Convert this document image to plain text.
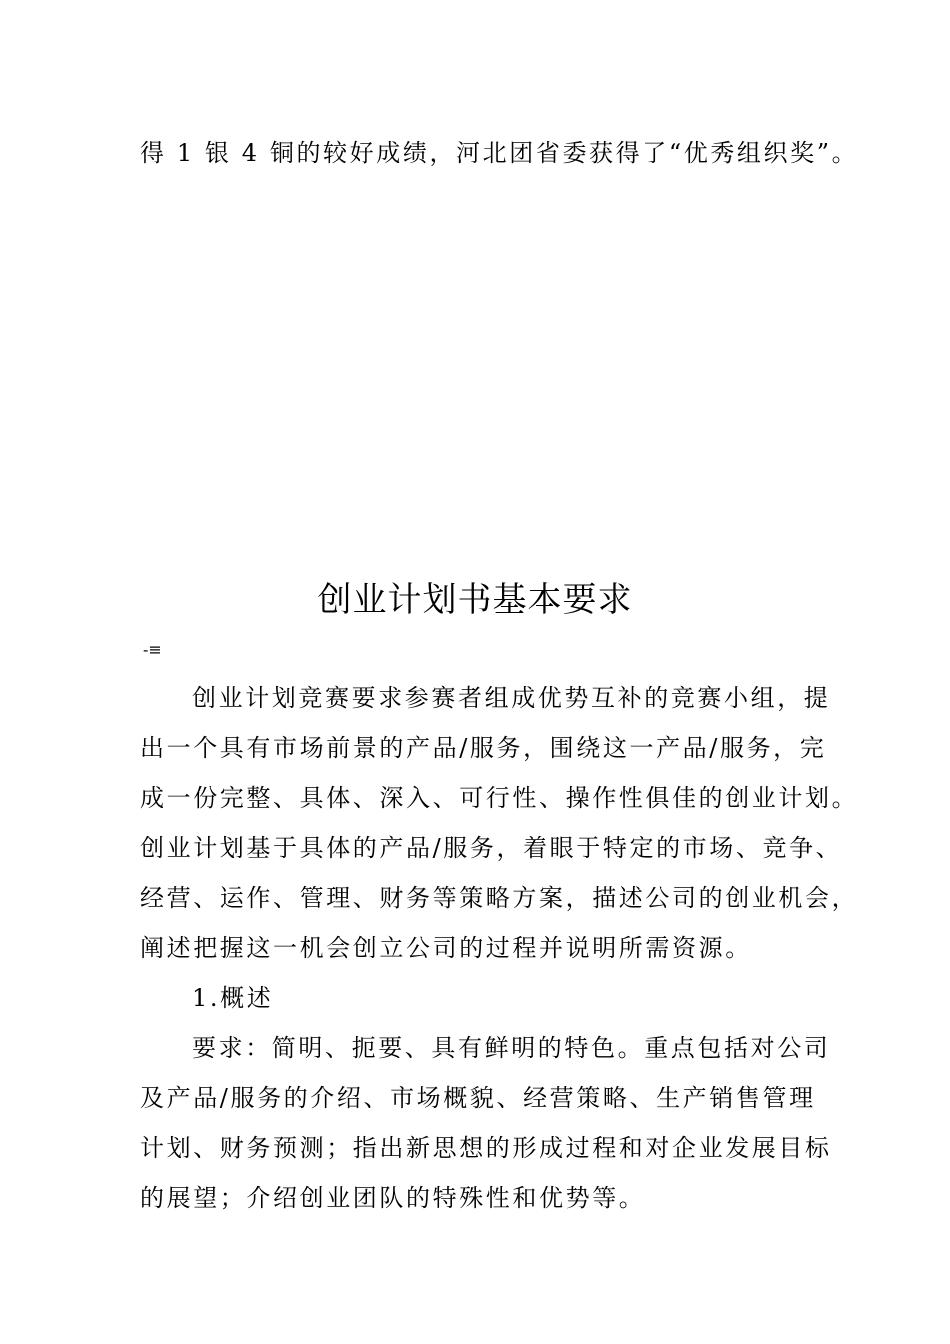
得 1 银 4 铜的较好成绩，河北团省委获得了“优秀组织奖”。
创业计划书基本要求
-≡
创业计划竞赛要求参赛者组成优势互补的竞赛小组，提
出一个具有市场前景的产品/服务，围绕这一产品/服务，完
成一份完整、具体、深入、可行性、操作性俱佳的创业计划。
创业计划基于具体的产品/服务，着眼于特定的市场、竞争、
经营、运作、管理、财务等策略方案，描述公司的创业机会，
阐述把握这一机会创立公司的过程并说明所需资源。
1.概述
要求：简明、扼要、具有鲜明的特色。重点包括对公司
及产品/服务的介绍、市场概貌、经营策略、生产销售管理
计划、财务预测；指出新思想的形成过程和对企业发展目标
的展望；介绍创业团队的特殊性和优势等。
